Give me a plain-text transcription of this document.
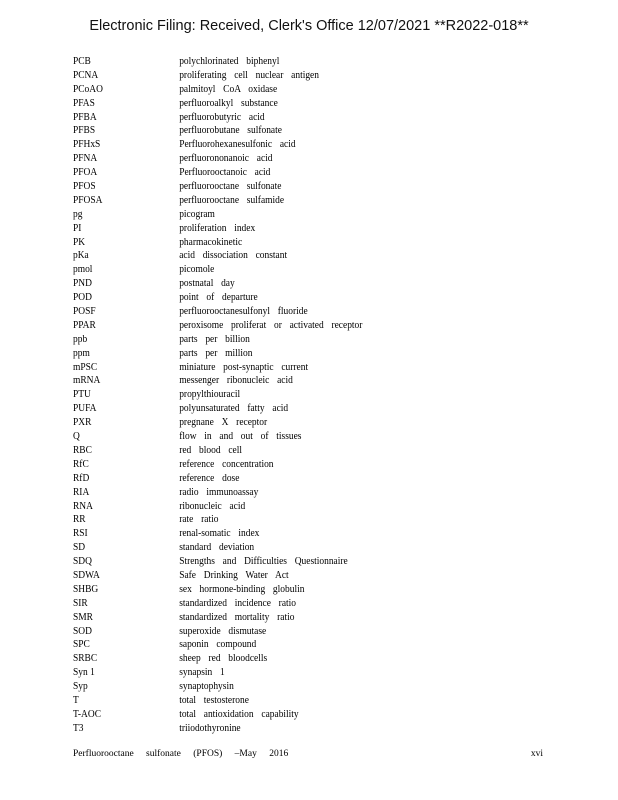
Electronic Filing: Received, Clerk's Office 12/07/2021 **R2022-018**
PCB	polychlorinated biphenyl
PCNA	proliferating cell nuclear antigen
PCoAO	palmitoyl CoA oxidase
PFAS	perfluoroalkyl substance
PFBA	perfluorobutyric acid
PFBS	perfluorobutane sulfonate
PFHxS	Perfluorohexanesulfonic acid
PFNA	perfluorononanoic acid
PFOA	Perfluorooctanoic acid
PFOS	perfluorooctane sulfonate
PFOSA	perfluorooctane sulfamide
pg	picogram
PI	proliferation index
PK	pharmacokinetic
pKa	acid dissociation constant
pmol	picomole
PND	postnatal day
POD	point of departure
POSF	perfluorooctanesulfonyl fluoride
PPAR	peroxisome proliferat or activated receptor
ppb	parts per billion
ppm	parts per million
mPSC	miniature post-synaptic current
mRNA	messenger ribonucleic acid
PTU	propylthiouracil
PUFA	polyunsaturated fatty acid
PXR	pregnane X receptor
Q	flow in and out of tissues
RBC	red blood cell
RfC	reference concentration
RfD	reference dose
RIA	radio immunoassay
RNA	ribonucleic acid
RR	rate ratio
RSI	renal-somatic index
SD	standard deviation
SDQ	Strengths and Difficulties Questionnaire
SDWA	Safe Drinking Water Act
SHBG	sex hormone-binding globulin
SIR	standardized incidence ratio
SMR	standardized mortality ratio
SOD	superoxide dismutase
SPC	saponin compound
SRBC	sheep red bloodcells
Syn 1	synapsin 1
Syp	synaptophysin
T	total testosterone
T-AOC	total antioxidation capability
T3	triiodothyronine
Perfluorooctane sulfonate (PFOS) –May 2016	xvi
